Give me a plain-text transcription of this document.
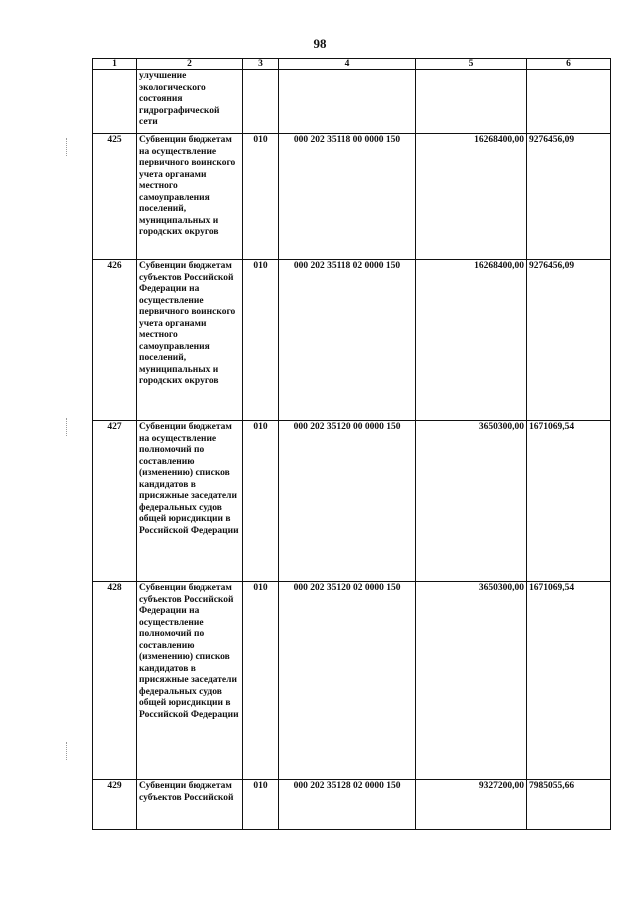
98
1	2	3	4	5	6
	улучшение экологического состояния гидрографической сети				
425	Субвенции бюджетам на осуществление первичного воинского учета органами местного самоуправления поселений, муниципальных и городских округов	010	000 202 35118 00 0000 150	16268400,00	9276456,09
426	Субвенции бюджетам субъектов Российской Федерации на осуществление первичного воинского учета органами местного самоуправления поселений, муниципальных и городских округов	010	000 202 35118 02 0000 150	16268400,00	9276456,09
427	Субвенции бюджетам на осуществление полномочий по составлению (изменению) списков кандидатов в присяжные заседатели федеральных судов общей юрисдикции в Российской Федерации	010	000 202 35120 00 0000 150	3650300,00	1671069,54
428	Субвенции бюджетам субъектов Российской Федерации на осуществление полномочий по составлению (изменению) списков кандидатов в присяжные заседатели федеральных судов общей юрисдикции в Российской Федерации	010	000 202 35120 02 0000 150	3650300,00	1671069,54
429	Субвенции бюджетам субъектов Российской	010	000 202 35128 02 0000 150	9327200,00	7985055,66
